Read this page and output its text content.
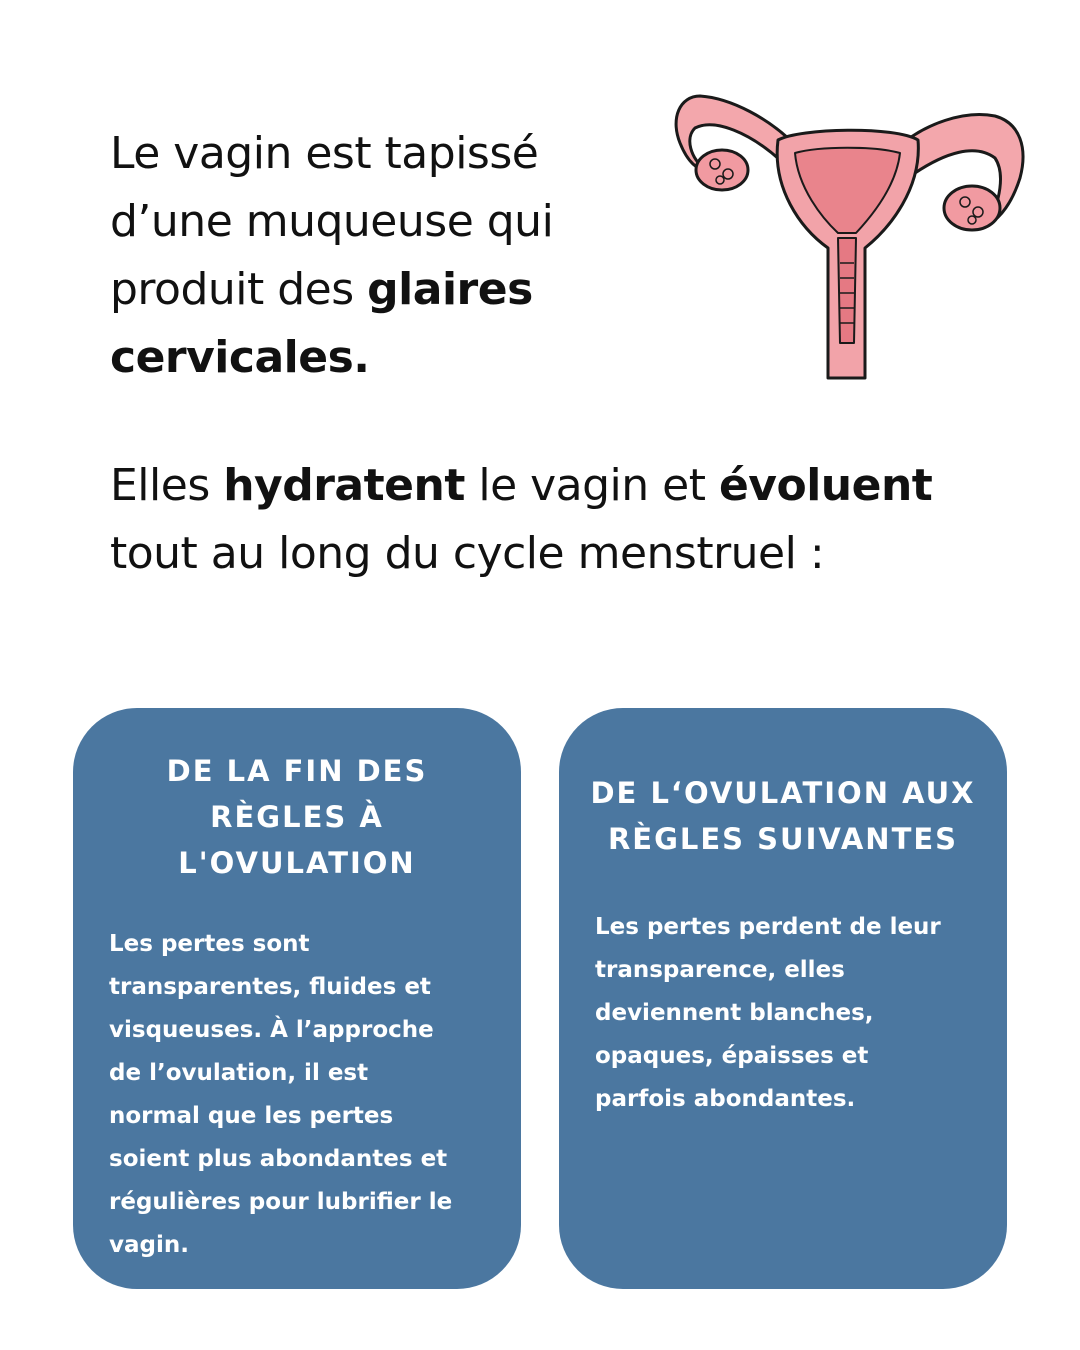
Le vagin est tapissé
d’une muqueuse qui
produit des glaires
cervicales.

Elles hydratent le vagin et évoluent
tout au long du cycle menstruel :

DE LA FIN DES
RÈGLES À
L'OVULATION

Les pertes sont
transparentes, fluides et
visqueuses. À l’approche
de l’ovulation, il est
normal que les pertes
soient plus abondantes et
régulières pour lubrifier le
vagin.

DE L‘OVULATION AUX
RÈGLES SUIVANTES

Les pertes perdent de leur
transparence, elles
deviennent blanches,
opaques, épaisses et
parfois abondantes.
